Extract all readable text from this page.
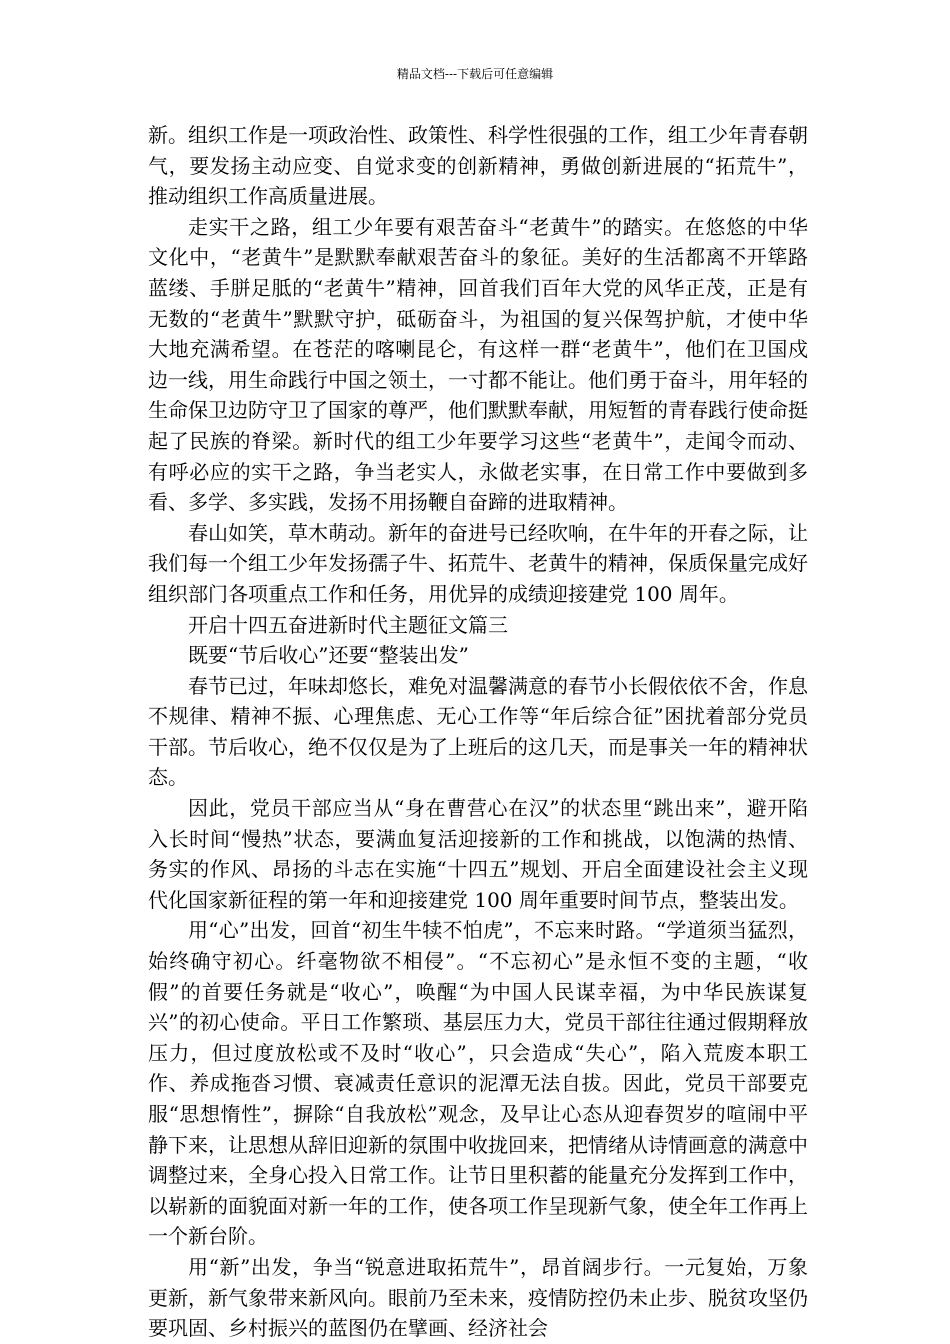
精品文档---下载后可任意编辑

新。组织工作是一项政治性、政策性、科学性很强的工作，组工少年青春朝气，要发扬主动应变、自觉求变的创新精神，勇做创新进展的“拓荒牛”，推动组织工作高质量进展。

走实干之路，组工少年要有艰苦奋斗“老黄牛”的踏实。在悠悠的中华文化中，“老黄牛”是默默奉献艰苦奋斗的象征。美好的生活都离不开筚路蓝缕、手胼足胝的“老黄牛”精神，回首我们百年大党的风华正茂，正是有无数的“老黄牛”默默守护，砥砺奋斗，为祖国的复兴保驾护航，才使中华大地充满希望。在苍茫的喀喇昆仑，有这样一群“老黄牛”，他们在卫国戍边一线，用生命践行中国之领土，一寸都不能让。他们勇于奋斗，用年轻的生命保卫边防守卫了国家的尊严，他们默默奉献，用短暂的青春践行使命挺起了民族的脊梁。新时代的组工少年要学习这些“老黄牛”，走闻令而动、有呼必应的实干之路，争当老实人，永做老实事，在日常工作中要做到多看、多学、多实践，发扬不用扬鞭自奋蹄的进取精神。

春山如笑，草木萌动。新年的奋进号已经吹响，在牛年的开春之际，让我们每一个组工少年发扬孺子牛、拓荒牛、老黄牛的精神，保质保量完成好组织部门各项重点工作和任务，用优异的成绩迎接建党 100 周年。

开启十四五奋进新时代主题征文篇三

既要“节后收心”还要“整装出发”

春节已过，年味却悠长，难免对温馨满意的春节小长假依依不舍，作息不规律、精神不振、心理焦虑、无心工作等“年后综合征”困扰着部分党员干部。节后收心，绝不仅仅是为了上班后的这几天，而是事关一年的精神状态。

因此，党员干部应当从“身在曹营心在汉”的状态里“跳出来”，避开陷入长时间“慢热”状态，要满血复活迎接新的工作和挑战，以饱满的热情、务实的作风、昂扬的斗志在实施“十四五”规划、开启全面建设社会主义现代化国家新征程的第一年和迎接建党 100 周年重要时间节点，整装出发。

用“心”出发，回首“初生牛犊不怕虎”，不忘来时路。“学道须当猛烈，始终确守初心。纤毫物欲不相侵”。“不忘初心”是永恒不变的主题，“收假”的首要任务就是“收心”，唤醒“为中国人民谋幸福，为中华民族谋复兴”的初心使命。平日工作繁琐、基层压力大，党员干部往往通过假期释放压力，但过度放松或不及时“收心”，只会造成“失心”，陷入荒废本职工作、养成拖沓习惯、衰减责任意识的泥潭无法自拔。因此，党员干部要克服“思想惰性”，摒除“自我放松”观念，及早让心态从迎春贺岁的喧闹中平静下来，让思想从辞旧迎新的氛围中收拢回来，把情绪从诗情画意的满意中调整过来，全身心投入日常工作。让节日里积蓄的能量充分发挥到工作中，以崭新的面貌面对新一年的工作，使各项工作呈现新气象，使全年工作再上一个新台阶。

用“新”出发，争当“锐意进取拓荒牛”，昂首阔步行。一元复始，万象更新，新气象带来新风向。眼前乃至未来，疫情防控仍未止步、脱贫攻坚仍要巩固、乡村振兴的蓝图仍在擘画、经济社会
